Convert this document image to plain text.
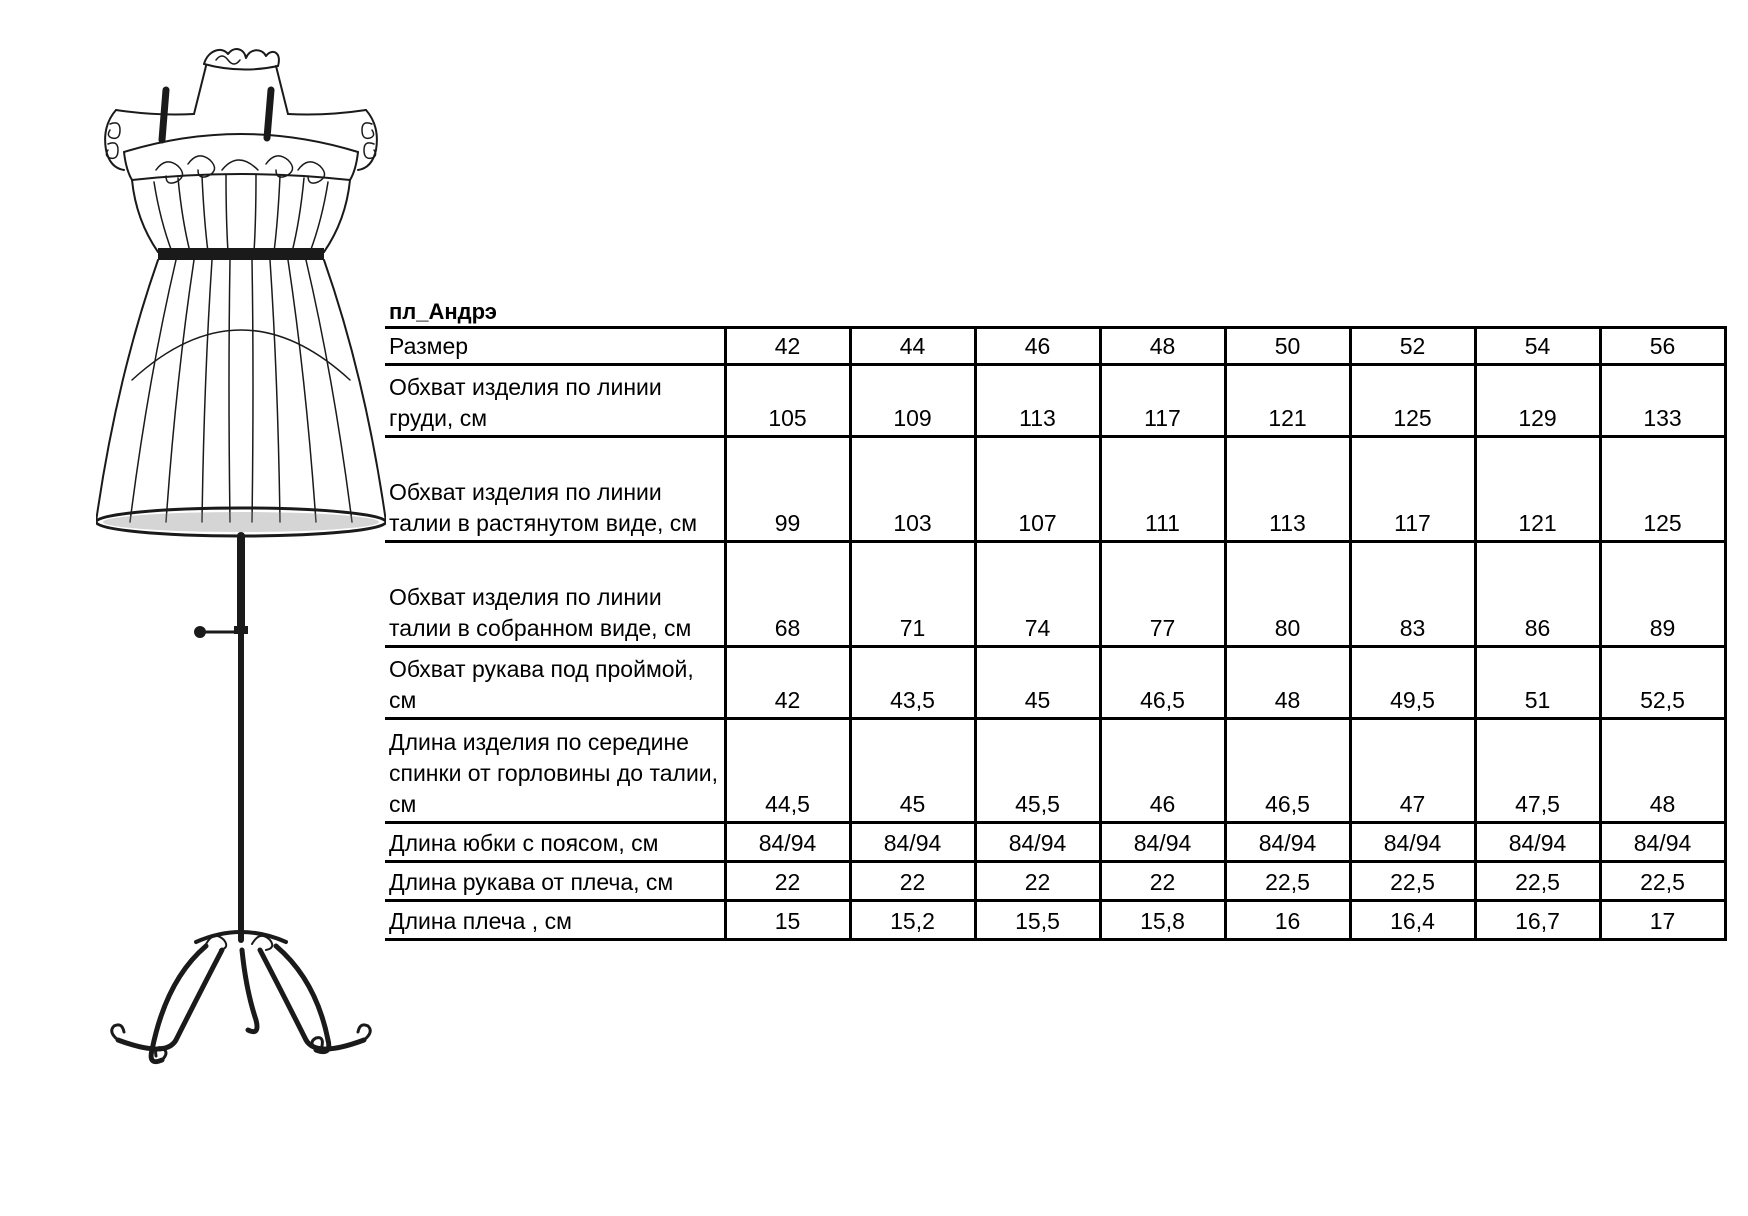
пл_Андрэ
Размер	42	44	46	48	50	52	54	56
Обхват изделия по линии груди, см	105	109	113	117	121	125	129	133
Обхват изделия по линии талии в растянутом виде, см	99	103	107	111	113	117	121	125
Обхват изделия по линии талии в собранном виде, см	68	71	74	77	80	83	86	89
Обхват рукава под проймой, см	42	43,5	45	46,5	48	49,5	51	52,5
Длина изделия по середине спинки от горловины до талии, см	44,5	45	45,5	46	46,5	47	47,5	48
Длина юбки с поясом, см	84/94	84/94	84/94	84/94	84/94	84/94	84/94	84/94
Длина рукава от плеча, см	22	22	22	22	22,5	22,5	22,5	22,5
Длина плеча , см	15	15,2	15,5	15,8	16	16,4	16,7	17
